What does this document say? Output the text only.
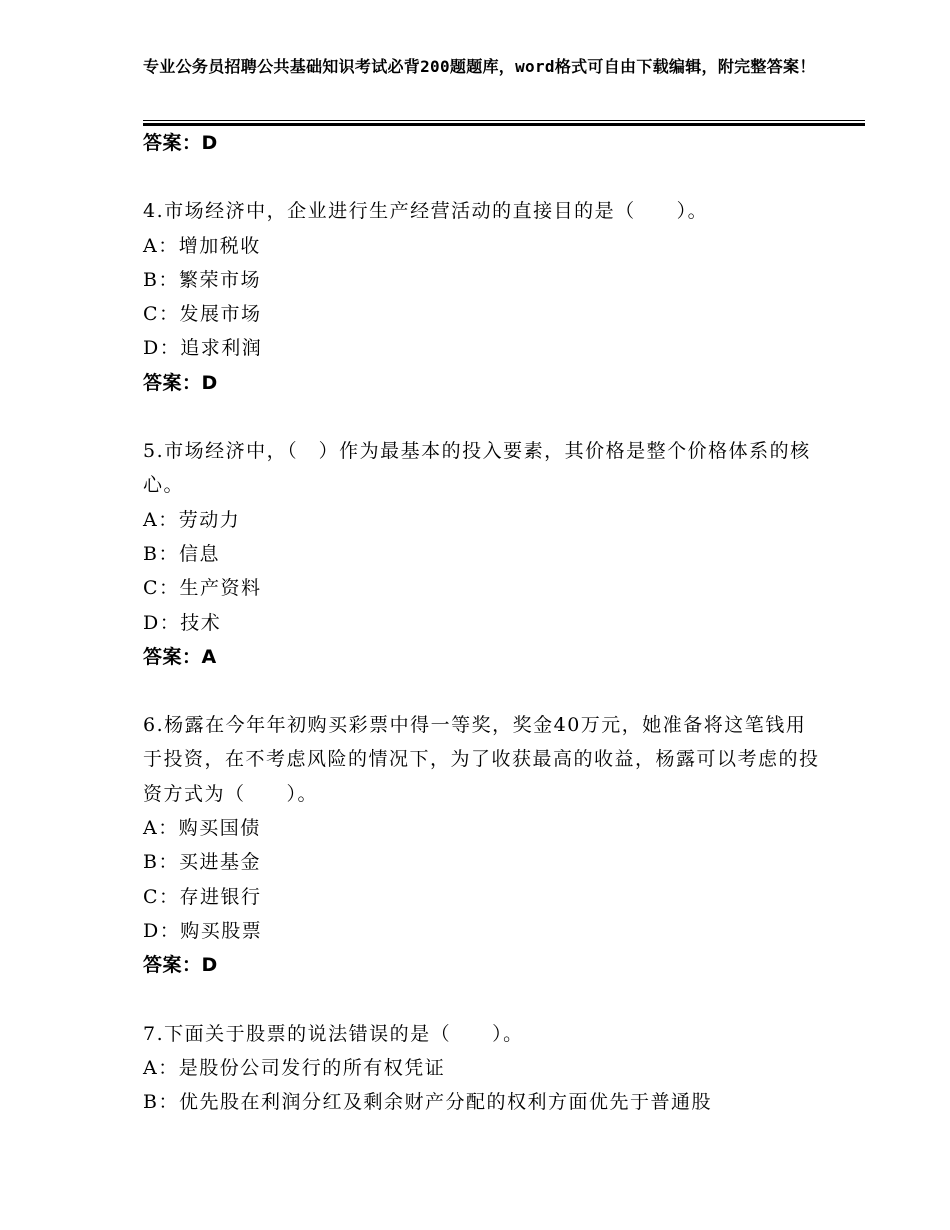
专业公务员招聘公共基础知识考试必背200题题库，word格式可自由下载编辑，附完整答案！
答案：D
4.市场经济中，企业进行生产经营活动的直接目的是（　　）。
A：增加税收
B：繁荣市场
C：发展市场
D：追求利润
答案：D
5.市场经济中，（　）作为最基本的投入要素，其价格是整个价格体系的核心。
A：劳动力
B：信息
C：生产资料
D：技术
答案：A
6.杨露在今年年初购买彩票中得一等奖，奖金40万元，她准备将这笔钱用于投资，在不考虑风险的情况下，为了收获最高的收益，杨露可以考虑的投资方式为（　　）。
A：购买国债
B：买进基金
C：存进银行
D：购买股票
答案：D
7.下面关于股票的说法错误的是（　　）。
A：是股份公司发行的所有权凭证
B：优先股在利润分红及剩余财产分配的权利方面优先于普通股
